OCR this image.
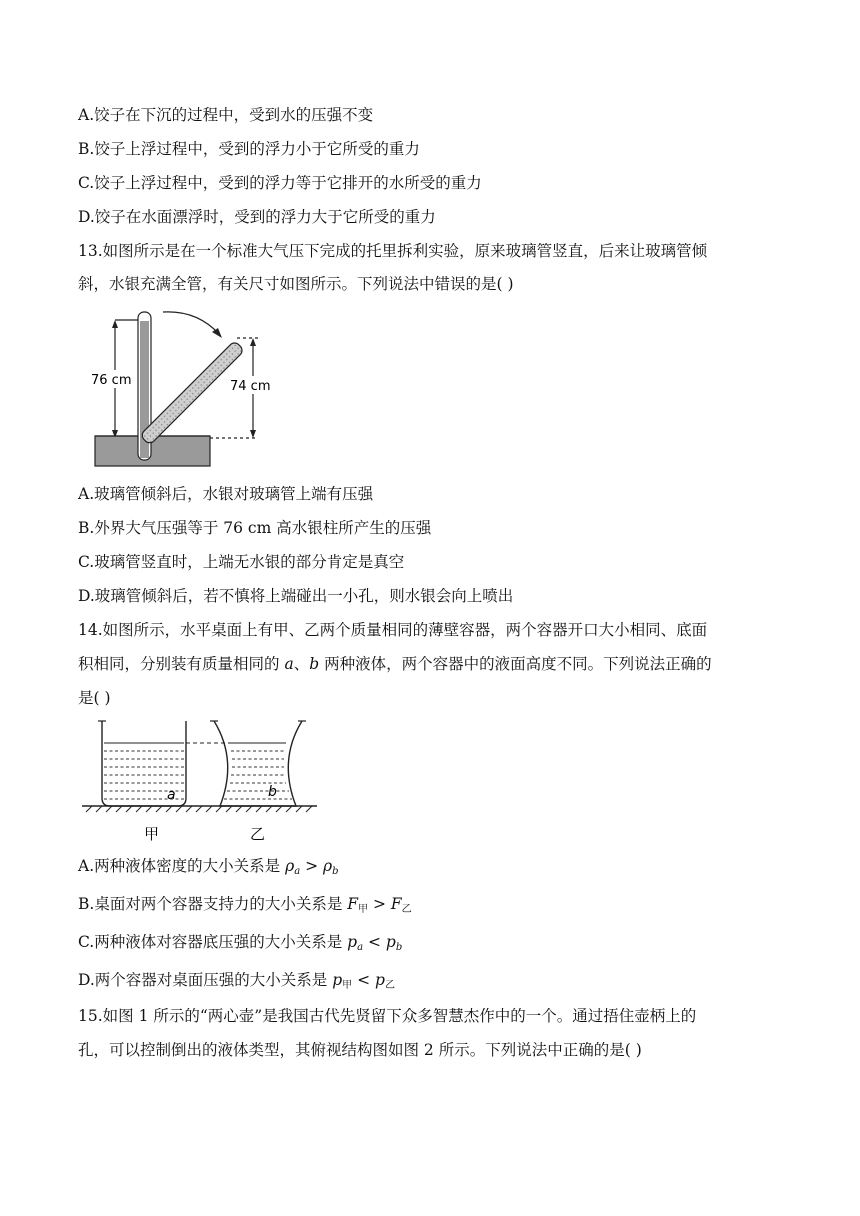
A.饺子在下沉的过程中，受到水的压强不变
B.饺子上浮过程中，受到的浮力小于它所受的重力
C.饺子上浮过程中，受到的浮力等于它排开的水所受的重力
D.饺子在水面漂浮时，受到的浮力大于它所受的重力
13.如图所示是在一个标准大气压下完成的托里拆利实验，原来玻璃管竖直，后来让玻璃管倾
斜，水银充满全管，有关尺寸如图所示。下列说法中错误的是( )
76 cm	74 cm
A.玻璃管倾斜后，水银对玻璃管上端有压强
B.外界大气压强等于 76 cm 高水银柱所产生的压强
C.玻璃管竖直时，上端无水银的部分肯定是真空
D.玻璃管倾斜后，若不慎将上端碰出一小孔，则水银会向上喷出
14.如图所示，水平桌面上有甲、乙两个质量相同的薄壁容器，两个容器开口大小相同、底面
积相同，分别装有质量相同的 a、b 两种液体，两个容器中的液面高度不同。下列说法正确的
是( )
a	b
甲	乙
A.两种液体密度的大小关系是 $\rho_a > \rho_b$
B.桌面对两个容器支持力的大小关系是 $F_甲 > F_乙$
C.两种液体对容器底压强的大小关系是 $p_a < p_b$
D.两个容器对桌面压强的大小关系是 $p_甲 < p_乙$
15.如图 1 所示的“两心壶”是我国古代先贤留下众多智慧杰作中的一个。通过捂住壶柄上的
孔，可以控制倒出的液体类型，其俯视结构图如图 2 所示。下列说法中正确的是( )
